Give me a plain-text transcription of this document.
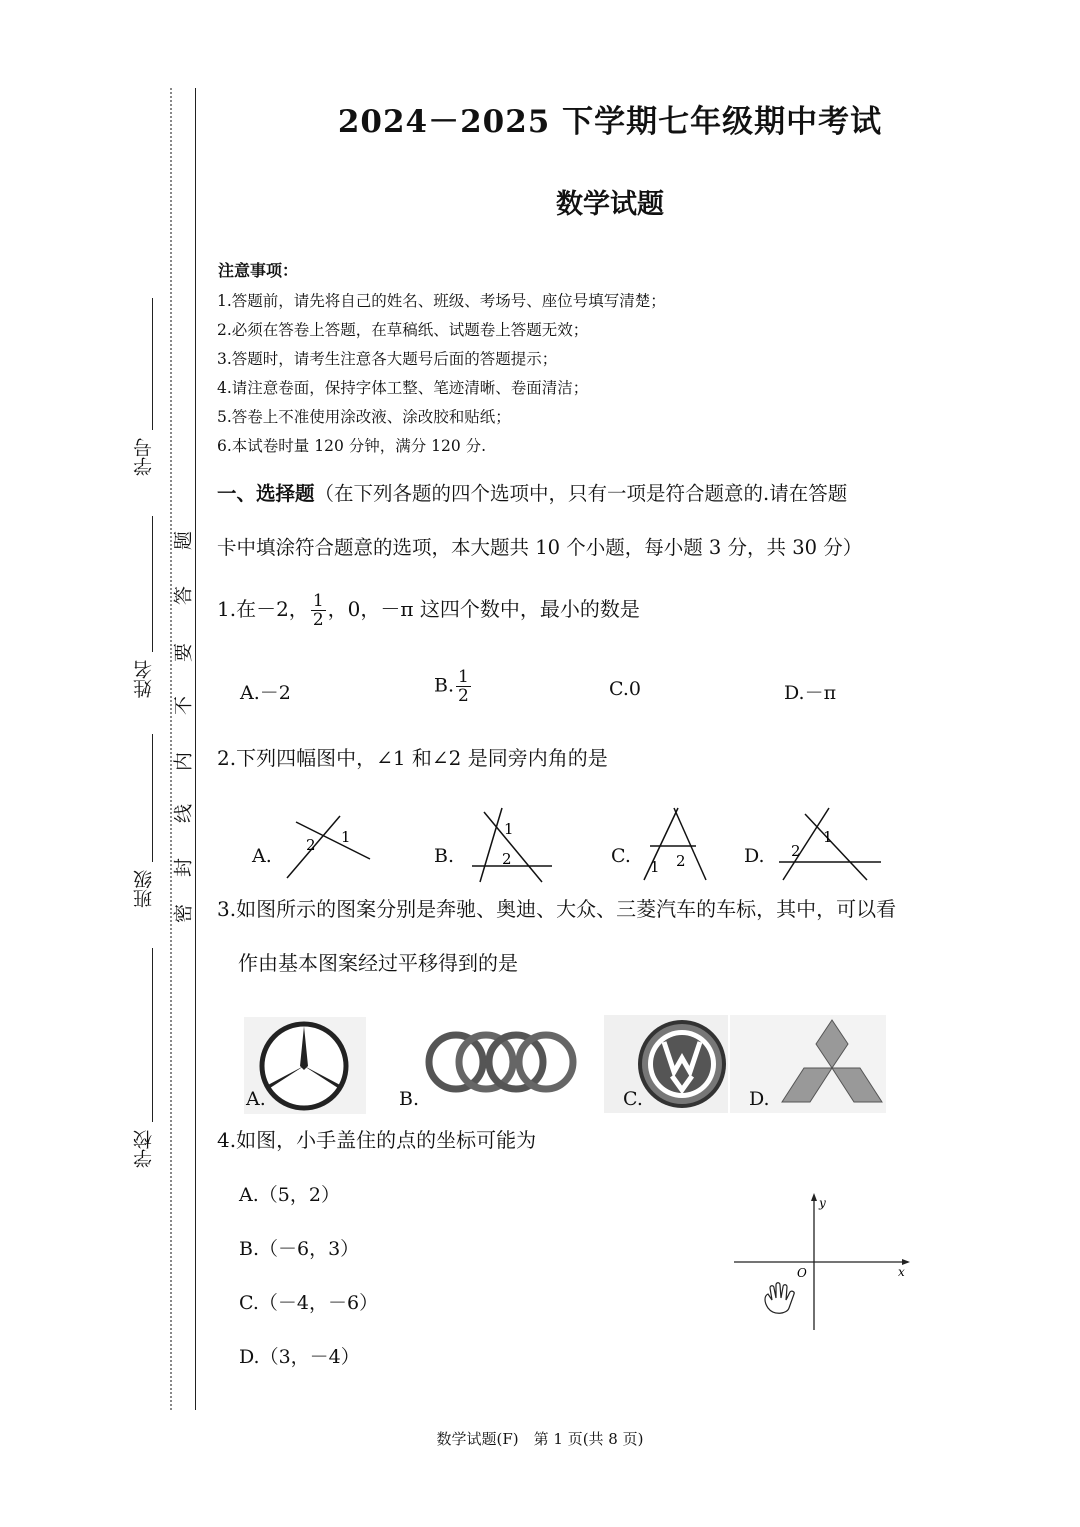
学号
姓名
班级
学校
密
封
线
内
不
要
答
题
2024－2025 下学期七年级期中考试
数学试题
注意事项：
1.答题前，请先将自己的姓名、班级、考场号、座位号填写清楚；
2.必须在答卷上答题，在草稿纸、试题卷上答题无效；
3.答题时，请考生注意各大题号后面的答题提示；
4.请注意卷面，保持字体工整、笔迹清晰、卷面清洁；
5.答卷上不准使用涂改液、涂改胶和贴纸；
6.本试卷时量 120 分钟，满分 120 分.
一、选择题（在下列各题的四个选项中，只有一项是符合题意的.请在答题
卡中填涂符合题意的选项，本大题共 10 个小题，每小题 3 分，共 30 分）
1.在－2， $\frac{1}{2}$ ，0，－π 这四个数中，最小的数是
A.－2	B. $\frac{1}{2}$	C.0	D.－π
2.下列四幅图中，∠1 和∠2 是同旁内角的是
A. 2 1
B.
1
2	C. 1 2	D. 2
1
3.如图所示的图案分别是奔驰、奥迪、大众、三菱汽车的车标，其中，可以看
作由基本图案经过平移得到的是
A.	B.	C.	D.
4.如图，小手盖住的点的坐标可能为
A.（5，2）
B.（－6，3）
C.（－4，－6）
D.（3，－4）
x
y
O
数学试题(F)　第 1 页(共 8 页)
